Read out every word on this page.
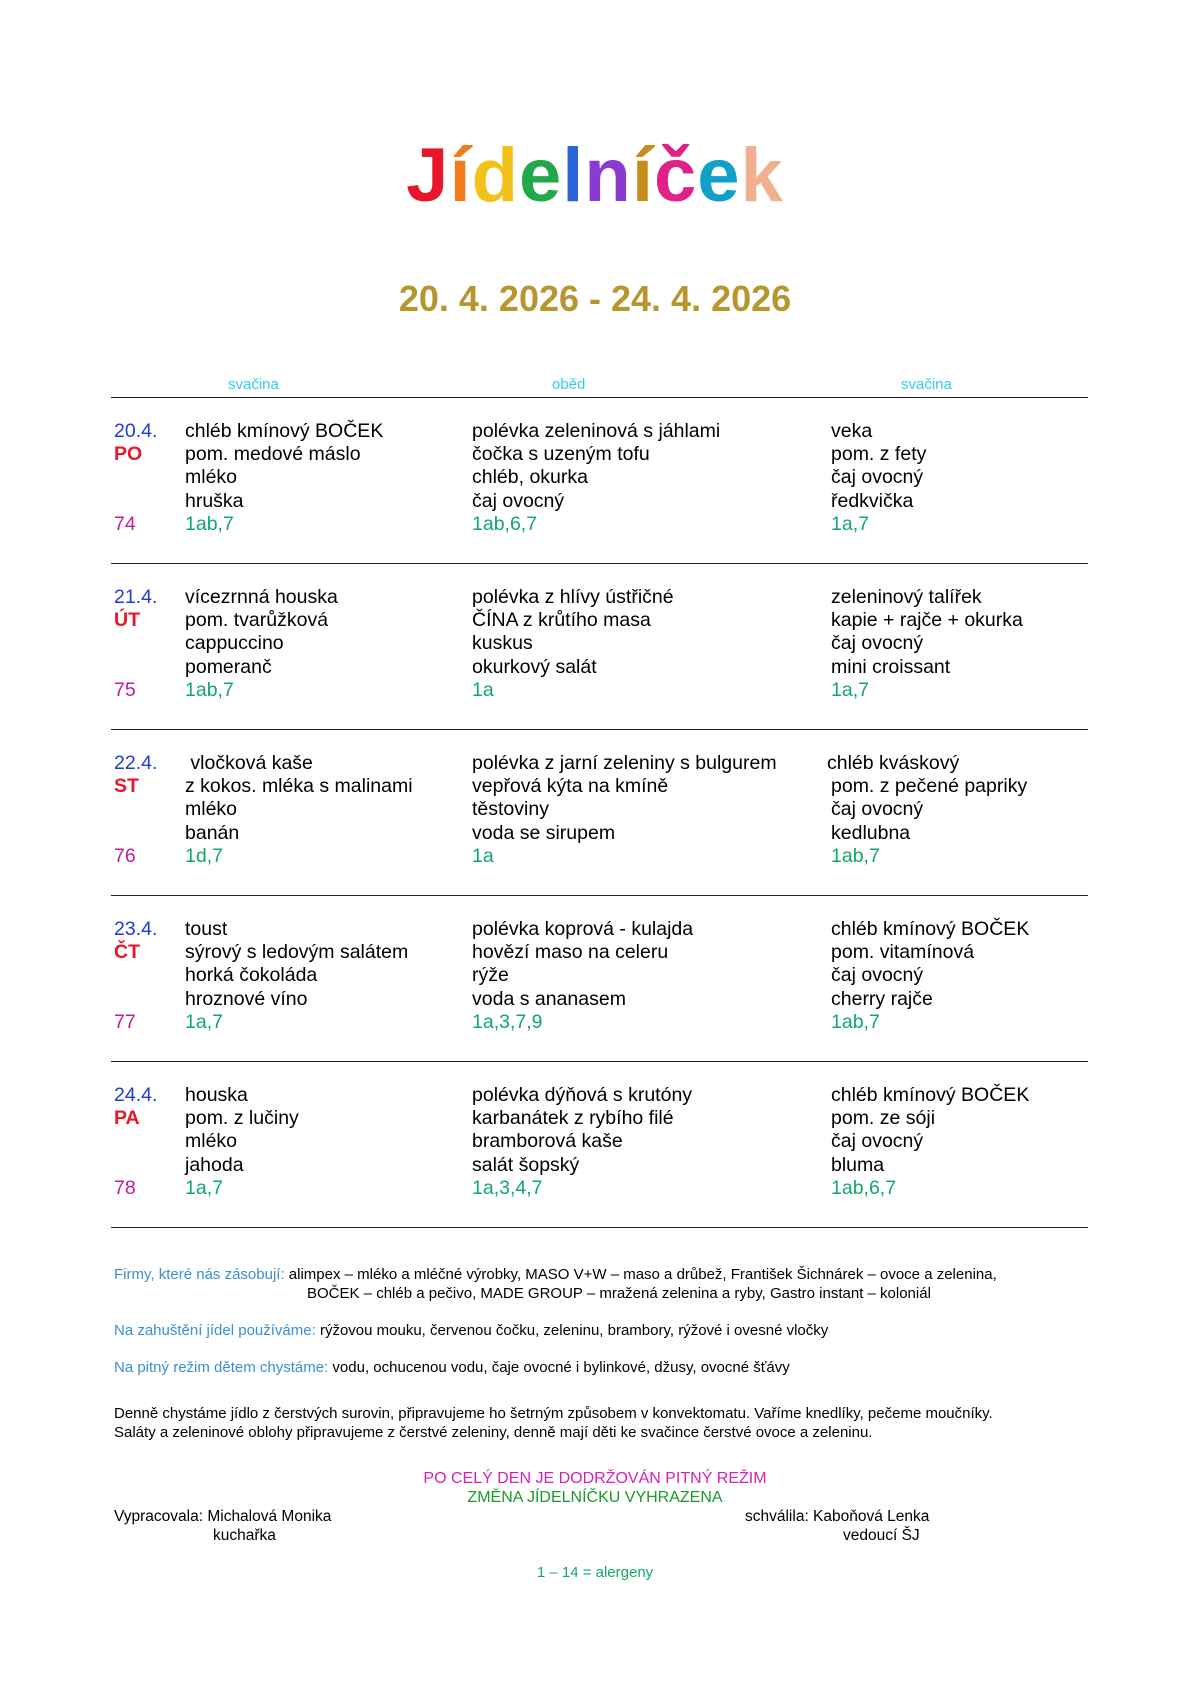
Jídelníček
20. 4. 2026 - 24. 4. 2026
svačina	oběd	svačina
20.4.
PO

74
chléb kmínový BOČEK
pom. medové máslo
mléko
hruška
1ab,7
polévka zeleninová s jáhlami
čočka s uzeným tofu
chléb, okurka
čaj ovocný
1ab,6,7
veka
pom. z fety
čaj ovocný
ředkvička
1a,7
21.4.
ÚT

75
vícezrnná houska
pom. tvarůžková
cappuccino
pomeranč
1ab,7
polévka z hlívy ústřičné
ČÍNA z krůtího masa
kuskus
okurkový salát
1a
zeleninový talířek
kapie + rajče + okurka
čaj ovocný
mini croissant
1a,7
22.4.
ST

76
vločková kaše
z kokos. mléka s malinami
mléko
banán
1d,7
polévka z jarní zeleniny s bulgurem
vepřová kýta na kmíně
těstoviny
voda se sirupem
1a
chléb kváskový
pom. z pečené papriky
čaj ovocný
kedlubna
1ab,7
23.4.
ČT

77
toust
sýrový s ledovým salátem
horká čokoláda
hroznové víno
1a,7
polévka koprová - kulajda
hovězí maso na celeru
rýže
voda s ananasem
1a,3,7,9
chléb kmínový BOČEK
pom. vitamínová
čaj ovocný
cherry rajče
1ab,7
24.4.
PA

78
houska
pom. z lučiny
mléko
jahoda
1a,7
polévka dýňová s krutóny
karbanátek z rybího filé
bramborová kaše
salát šopský
1a,3,4,7
chléb kmínový BOČEK
pom. ze sóji
čaj ovocný
bluma
1ab,6,7
Firmy, které nás zásobují: alimpex – mléko a mléčné výrobky, MASO V+W – maso a drůbež, František Šichnárek – ovoce a zelenina,
BOČEK – chléb a pečivo, MADE GROUP – mražená zelenina a ryby, Gastro instant – koloniál
Na zahuštění jídel používáme: rýžovou mouku, červenou čočku, zeleninu, brambory, rýžové i ovesné vločky
Na pitný režim dětem chystáme: vodu, ochucenou vodu, čaje ovocné i bylinkové, džusy, ovocné šťávy
Denně chystáme jídlo z čerstvých surovin, připravujeme ho šetrným způsobem v konvektomatu. Vaříme knedlíky, pečeme moučníky.
Saláty a zeleninové oblohy připravujeme z čerstvé zeleniny, denně mají děti ke svačince čerstvé ovoce a zeleninu.
PO CELÝ DEN JE DODRŽOVÁN PITNÝ REŽIM
ZMĚNA JÍDELNÍČKU VYHRAZENA
Vypracovala: Michalová Monika
kuchařka
schválila: Kaboňová Lenka
vedoucí ŠJ
1 – 14 = alergeny
